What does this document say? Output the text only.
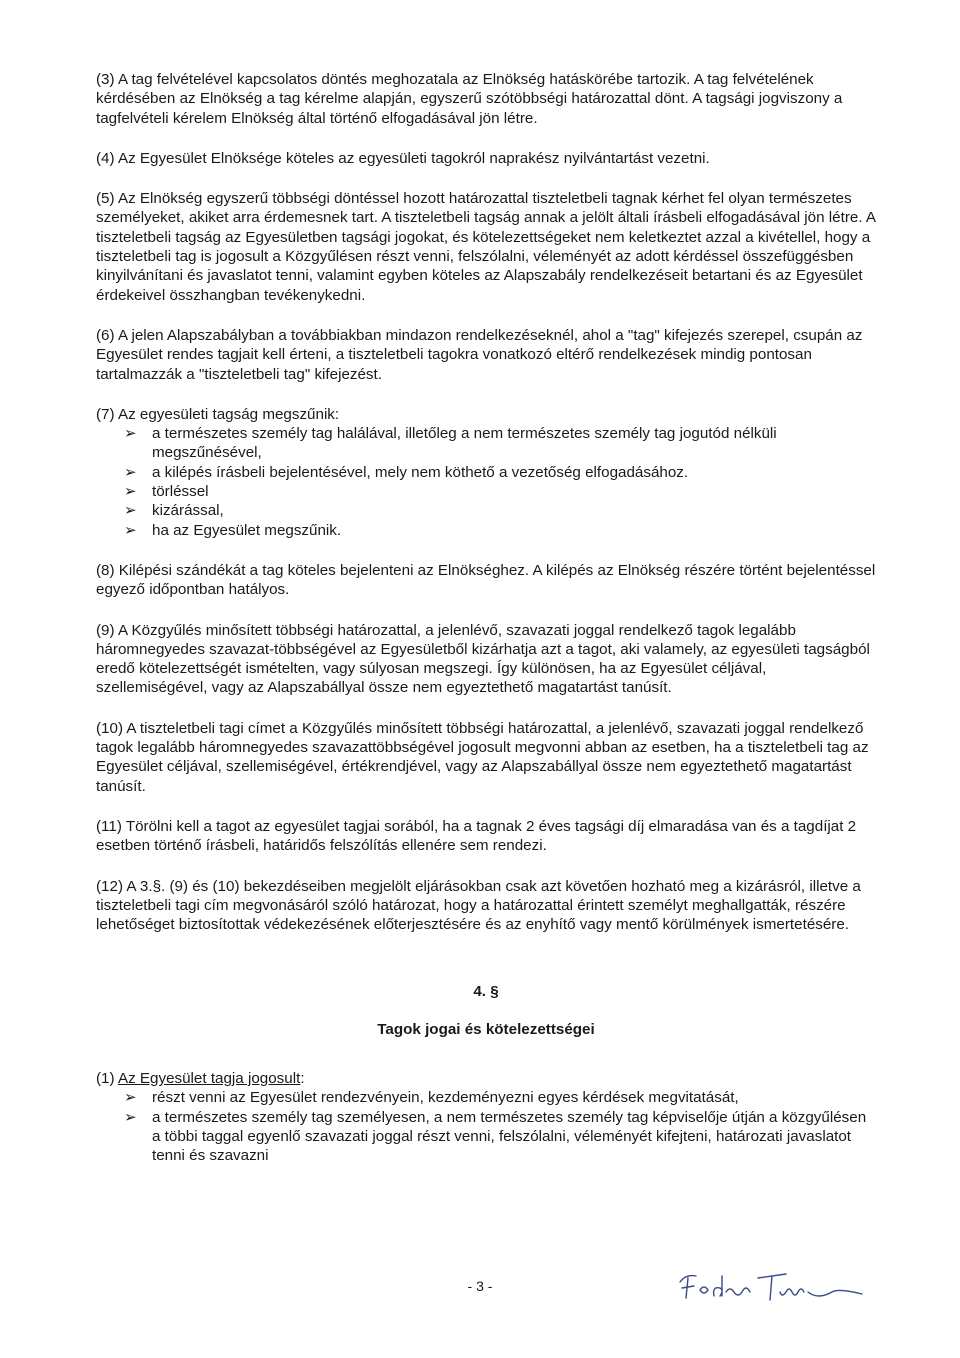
(3) A tag felvételével kapcsolatos döntés meghozatala az Elnökség hatáskörébe tartozik. A tag felvételének kérdésében az Elnökség a tag kérelme alapján, egyszerű szótöbbségi határozattal dönt. A tagsági jogviszony a tagfelvételi kérelem Elnökség által történő elfogadásával jön létre.

(4) Az Egyesület Elnöksége köteles az egyesületi tagokról naprakész nyilvántartást vezetni.

(5) Az Elnökség egyszerű többségi döntéssel hozott határozattal tiszteletbeli tagnak kérhet fel olyan természetes személyeket, akiket arra érdemesnek tart. A tiszteletbeli tagság annak a jelölt általi írásbeli elfogadásával jön létre. A tiszteletbeli tagság az Egyesületben tagsági jogokat, és kötelezettségeket nem keletkeztet azzal a kivétellel, hogy a tiszteletbeli tag is jogosult a Közgyűlésen részt venni, felszólalni, véleményét az adott kérdéssel összefüggésben kinyilvánítani és javaslatot tenni, valamint egyben köteles az Alapszabály rendelkezéseit betartani és az Egyesület érdekeivel összhangban tevékenykedni.

(6) A jelen Alapszabályban a továbbiakban mindazon rendelkezéseknél, ahol a "tag" kifejezés szerepel, csupán az Egyesület rendes tagjait kell érteni, a tiszteletbeli tagokra vonatkozó eltérő rendelkezések mindig pontosan tartalmazzák a "tiszteletbeli tag" kifejezést.

(7) Az egyesületi tagság megszűnik:
➢ a természetes személy tag halálával, illetőleg a nem természetes személy tag jogutód nélküli megszűnésével,
➢ a kilépés írásbeli bejelentésével, mely nem köthető a vezetőség elfogadásához.
➢ törléssel
➢ kizárással,
➢ ha az Egyesület megszűnik.

(8) Kilépési szándékát a tag köteles bejelenteni az Elnökséghez. A kilépés az Elnökség részére történt bejelentéssel egyező időpontban hatályos.

(9) A Közgyűlés minősített többségi határozattal, a jelenlévő, szavazati joggal rendelkező tagok legalább háromnegyedes szavazat-többségével az Egyesületből kizárhatja azt a tagot, aki valamely, az egyesületi tagságból eredő kötelezettségét ismételten, vagy súlyosan megszegi. Így különösen, ha az Egyesület céljával, szellemiségével, vagy az Alapszabállyal össze nem egyeztethető magatartást tanúsít.

(10) A tiszteletbeli tagi címet a Közgyűlés minősített többségi határozattal, a jelenlévő, szavazati joggal rendelkező tagok legalább háromnegyedes szavazattöbbségével jogosult megvonni abban az esetben, ha a tiszteletbeli tag az Egyesület céljával, szellemiségével, értékrendjével, vagy az Alapszabállyal össze nem egyeztethető magatartást tanúsít.

(11) Törölni kell a tagot az egyesület tagjai sorából, ha a tagnak 2 éves tagsági díj elmaradása van és a tagdíjat 2 esetben történő írásbeli, határidős felszólítás ellenére sem rendezi.

(12) A 3.§. (9) és (10) bekezdéseiben megjelölt eljárásokban csak azt követően hozható meg a kizárásról, illetve a tiszteletbeli tagi cím megvonásáról szóló határozat, hogy a határozattal érintett személyt meghallgatták, részére lehetőséget biztosítottak védekezésének előterjesztésére és az enyhítő vagy mentő körülmények ismertetésére.

4. §
Tagok jogai és kötelezettségei
(1) Az Egyesület tagja jogosult:
➢ részt venni az Egyesület rendezvényein, kezdeményezni egyes kérdések megvitatását,
➢ a természetes személy tag személyesen, a nem természetes személy tag képviselője útján a közgyűlésen a többi taggal egyenlő szavazati joggal részt venni, felszólalni, véleményét kifejteni, határozati javaslatot tenni és szavazni
- 3 -
